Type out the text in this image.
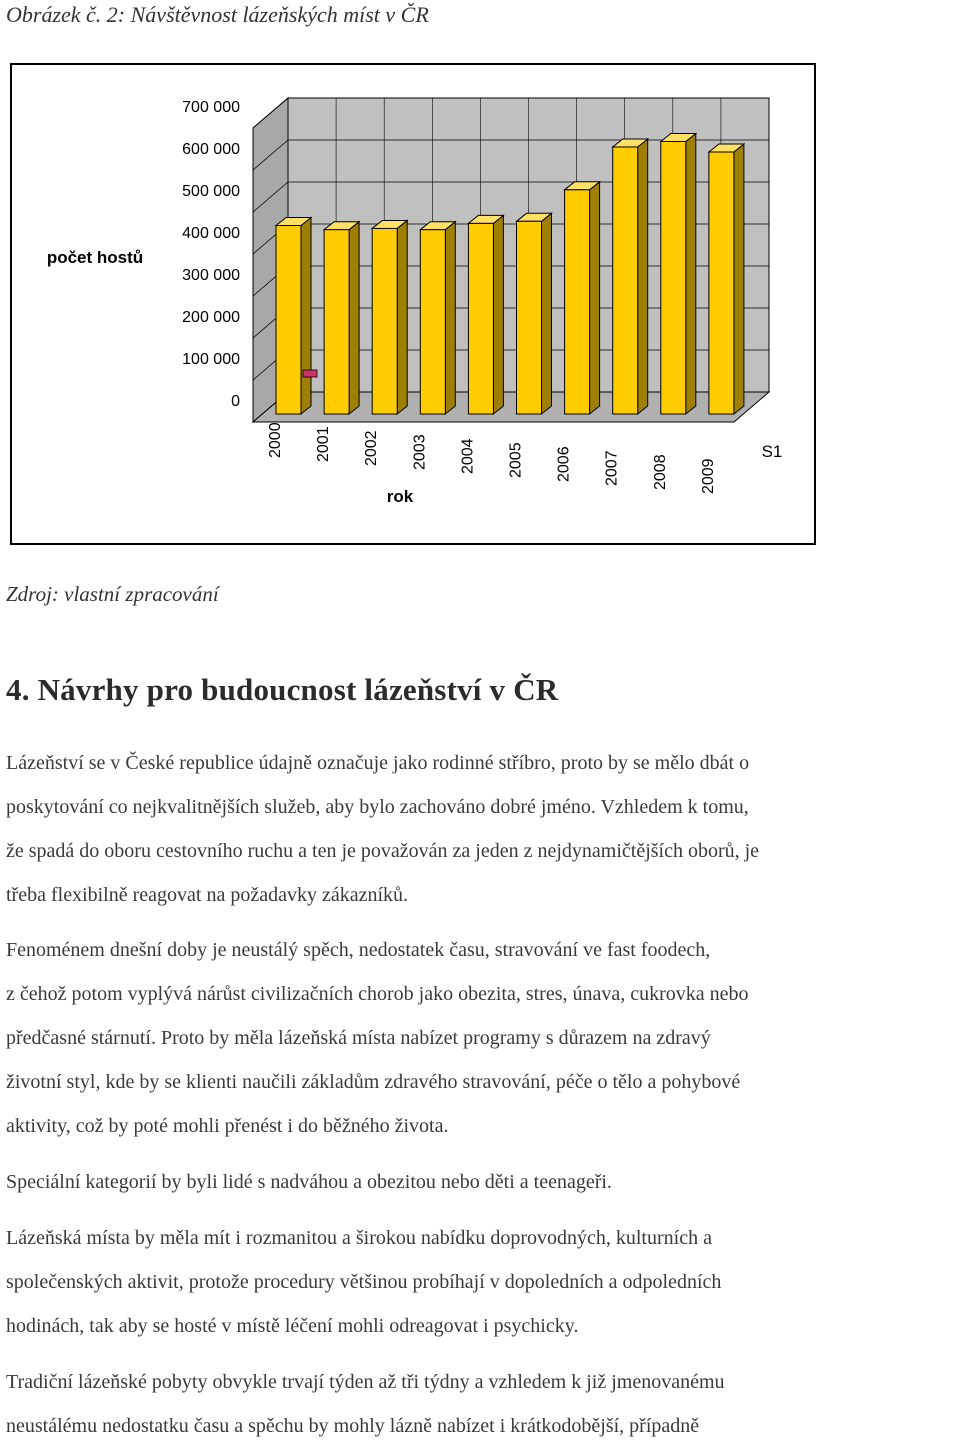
Obrázek č. 2: Návštěvnost lázeňských míst v ČR
0
100 000
200 000
300 000
400 000
500 000
600 000
700 000
2000 2001 2002 2003 2004 2005 2006 2007 2008 2009
počet hostů
rok
S1
Zdroj: vlastní zpracování
4. Návrhy pro budoucnost lázeňství v ČR
Lázeňství se v České republice údajně označuje jako rodinné stříbro, proto by se mělo dbát o
poskytování co nejkvalitnějších služeb, aby bylo zachováno dobré jméno. Vzhledem k tomu,
že spadá do oboru cestovního ruchu a ten je považován za jeden z nejdynamičtějších oborů, je
třeba flexibilně reagovat na požadavky zákazníků.
Fenoménem dnešní doby je neustálý spěch, nedostatek času, stravování ve fast foodech,
z čehož potom vyplývá nárůst civilizačních chorob jako obezita, stres, únava, cukrovka nebo
předčasné stárnutí. Proto by měla lázeňská místa nabízet programy s důrazem na zdravý
životní styl, kde by se klienti naučili základům zdravého stravování, péče o tělo a pohybové
aktivity, což by poté mohli přenést i do běžného života.
Speciální kategorií by byli lidé s nadváhou a obezitou nebo děti a teenageři.
Lázeňská místa by měla mít i rozmanitou a širokou nabídku doprovodných, kulturních a
společenských aktivit, protože procedury většinou probíhají v dopoledních a odpoledních
hodinách, tak aby se hosté v místě léčení mohli odreagovat i psychicky.
Tradiční lázeňské pobyty obvykle trvají týden až tři týdny a vzhledem k již jmenovanému
neustálému nedostatku času a spěchu by mohly lázně nabízet i krátkodobější, případně
